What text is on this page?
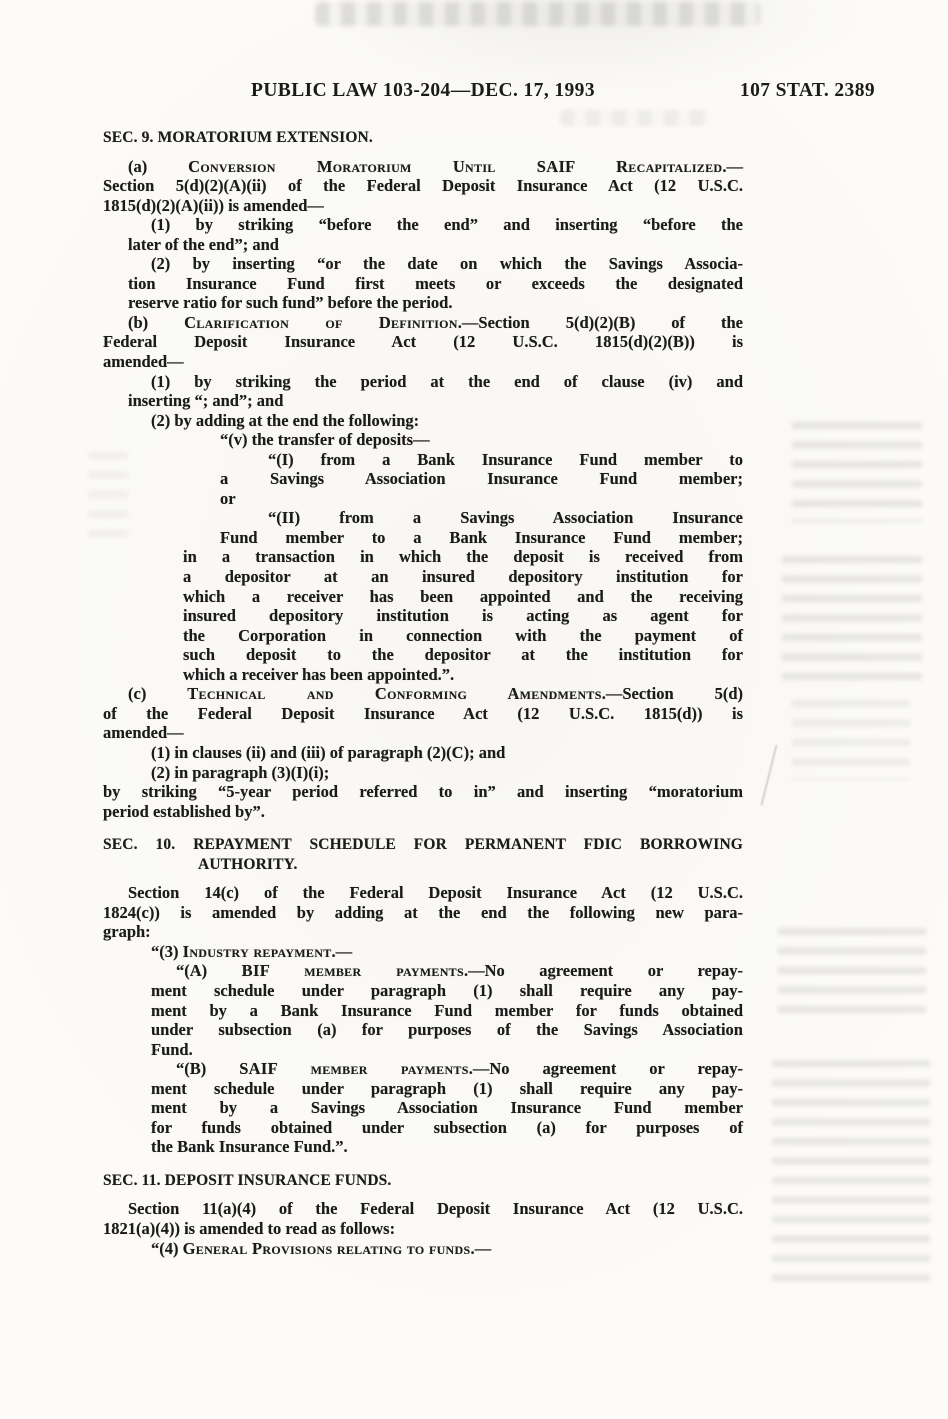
PUBLIC LAW 103-204—DEC. 17, 1993	107 STAT. 2389
SEC. 9. MORATORIUM EXTENSION.
(a) Conversion Moratorium Until SAIF Recapitalized.—
Section 5(d)(2)(A)(ii) of the Federal Deposit Insurance Act (12 U.S.C.
1815(d)(2)(A)(ii)) is amended—
(1) by striking “before the end” and inserting “before the
later of the end”; and
(2) by inserting “or the date on which the Savings Associa-
tion Insurance Fund first meets or exceeds the designated
reserve ratio for such fund” before the period.
(b) Clarification of Definition.—Section 5(d)(2)(B) of the
Federal Deposit Insurance Act (12 U.S.C. 1815(d)(2)(B)) is
amended—
(1) by striking the period at the end of clause (iv) and
inserting “; and”; and
(2) by adding at the end the following:
“(v) the transfer of deposits—
“(I) from a Bank Insurance Fund member to
a Savings Association Insurance Fund member;
or
“(II) from a Savings Association Insurance
Fund member to a Bank Insurance Fund member;
in a transaction in which the deposit is received from
a depositor at an insured depository institution for
which a receiver has been appointed and the receiving
insured depository institution is acting as agent for
the Corporation in connection with the payment of
such deposit to the depositor at the institution for
which a receiver has been appointed.”.
(c) Technical and Conforming Amendments.—Section 5(d)
of the Federal Deposit Insurance Act (12 U.S.C. 1815(d)) is
amended—
(1) in clauses (ii) and (iii) of paragraph (2)(C); and
(2) in paragraph (3)(I)(i);
by striking “5-year period referred to in” and inserting “moratorium
period established by”.
SEC. 10. REPAYMENT SCHEDULE FOR PERMANENT FDIC BORROWING
AUTHORITY.
Section 14(c) of the Federal Deposit Insurance Act (12 U.S.C.
1824(c)) is amended by adding at the end the following new para-
graph:
“(3) Industry repayment.—
“(A) BIF member payments.—No agreement or repay-
ment schedule under paragraph (1) shall require any pay-
ment by a Bank Insurance Fund member for funds obtained
under subsection (a) for purposes of the Savings Association
Fund.
“(B) SAIF member payments.—No agreement or repay-
ment schedule under paragraph (1) shall require any pay-
ment by a Savings Association Insurance Fund member
for funds obtained under subsection (a) for purposes of
the Bank Insurance Fund.”.
SEC. 11. DEPOSIT INSURANCE FUNDS.
Section 11(a)(4) of the Federal Deposit Insurance Act (12 U.S.C.
1821(a)(4)) is amended to read as follows:
“(4) General Provisions relating to funds.—
